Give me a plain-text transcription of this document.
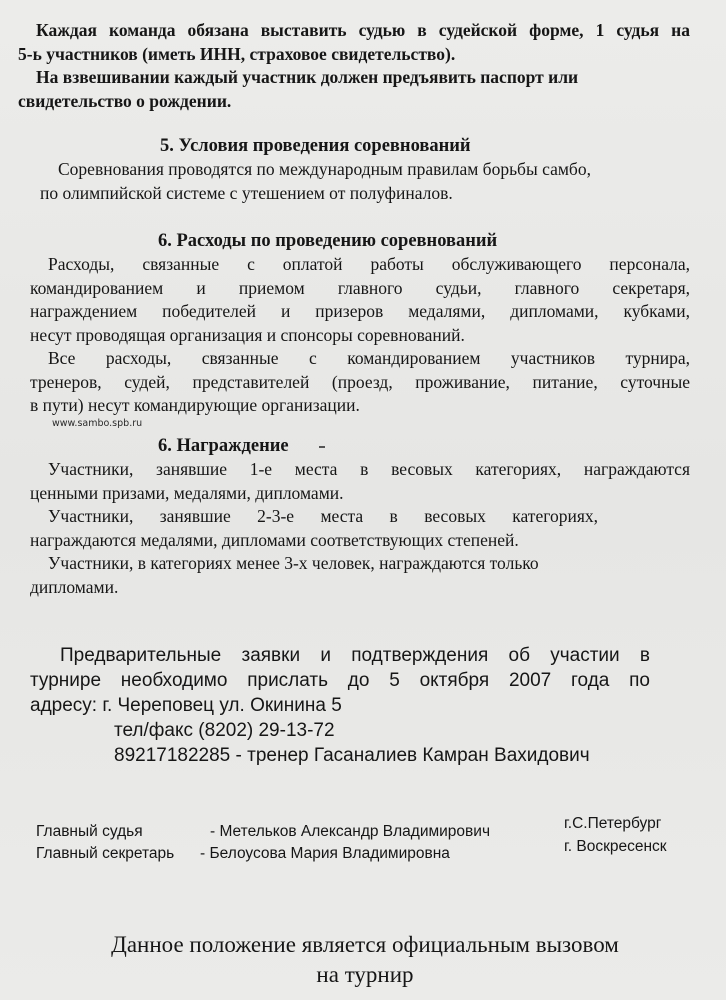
Каждая команда обязана выставить судью в судейской форме, 1 судья на

5-ь участников (иметь ИНН, страховое свидетельство).

На взвешивании каждый участник должен предъявить паспорт или

свидетельство о рождении.

5. Условия проведения соревнований

Соревнования проводятся по международным правилам борьбы самбо,

по олимпийской системе с утешением от полуфиналов.

6. Расходы по проведению соревнований

Расходы, связанные с оплатой работы обслуживающего персонала,

командированием и приемом главного судьи, главного секретаря,

награждением победителей и призеров медалями, дипломами, кубками,

несут проводящая организация и спонсоры соревнований.

Все расходы, связанные с командированием участников турнира,

тренеров, судей, представителей (проезд, проживание, питание, суточные

в пути) несут командирующие организации.

www.sambo.spb.ru

6. Награждение

Участники, занявшие 1-е места в весовых категориях, награждаются

ценными призами, медалями, дипломами.

Участники, занявшие 2-3-е места в весовых категориях,

награждаются медалями, дипломами соответствующих степеней.

Участники, в категориях менее 3-х человек, награждаются только

дипломами.

Предварительные заявки и подтверждения об участии в

турнире необходимо прислать до 5 октября 2007 года по

адресу: г. Череповец ул. Окинина 5

тел/факс (8202) 29-13-72

89217182285 - тренер Гасаналиев Камран Вахидович

Главный судья	- Метельков Александр Владимирович	г.С.Петербург
Главный секретарь - Белоусова Мария Владимировна	г. Воскресенск

Данное положение является официальным вызовом

на турнир
